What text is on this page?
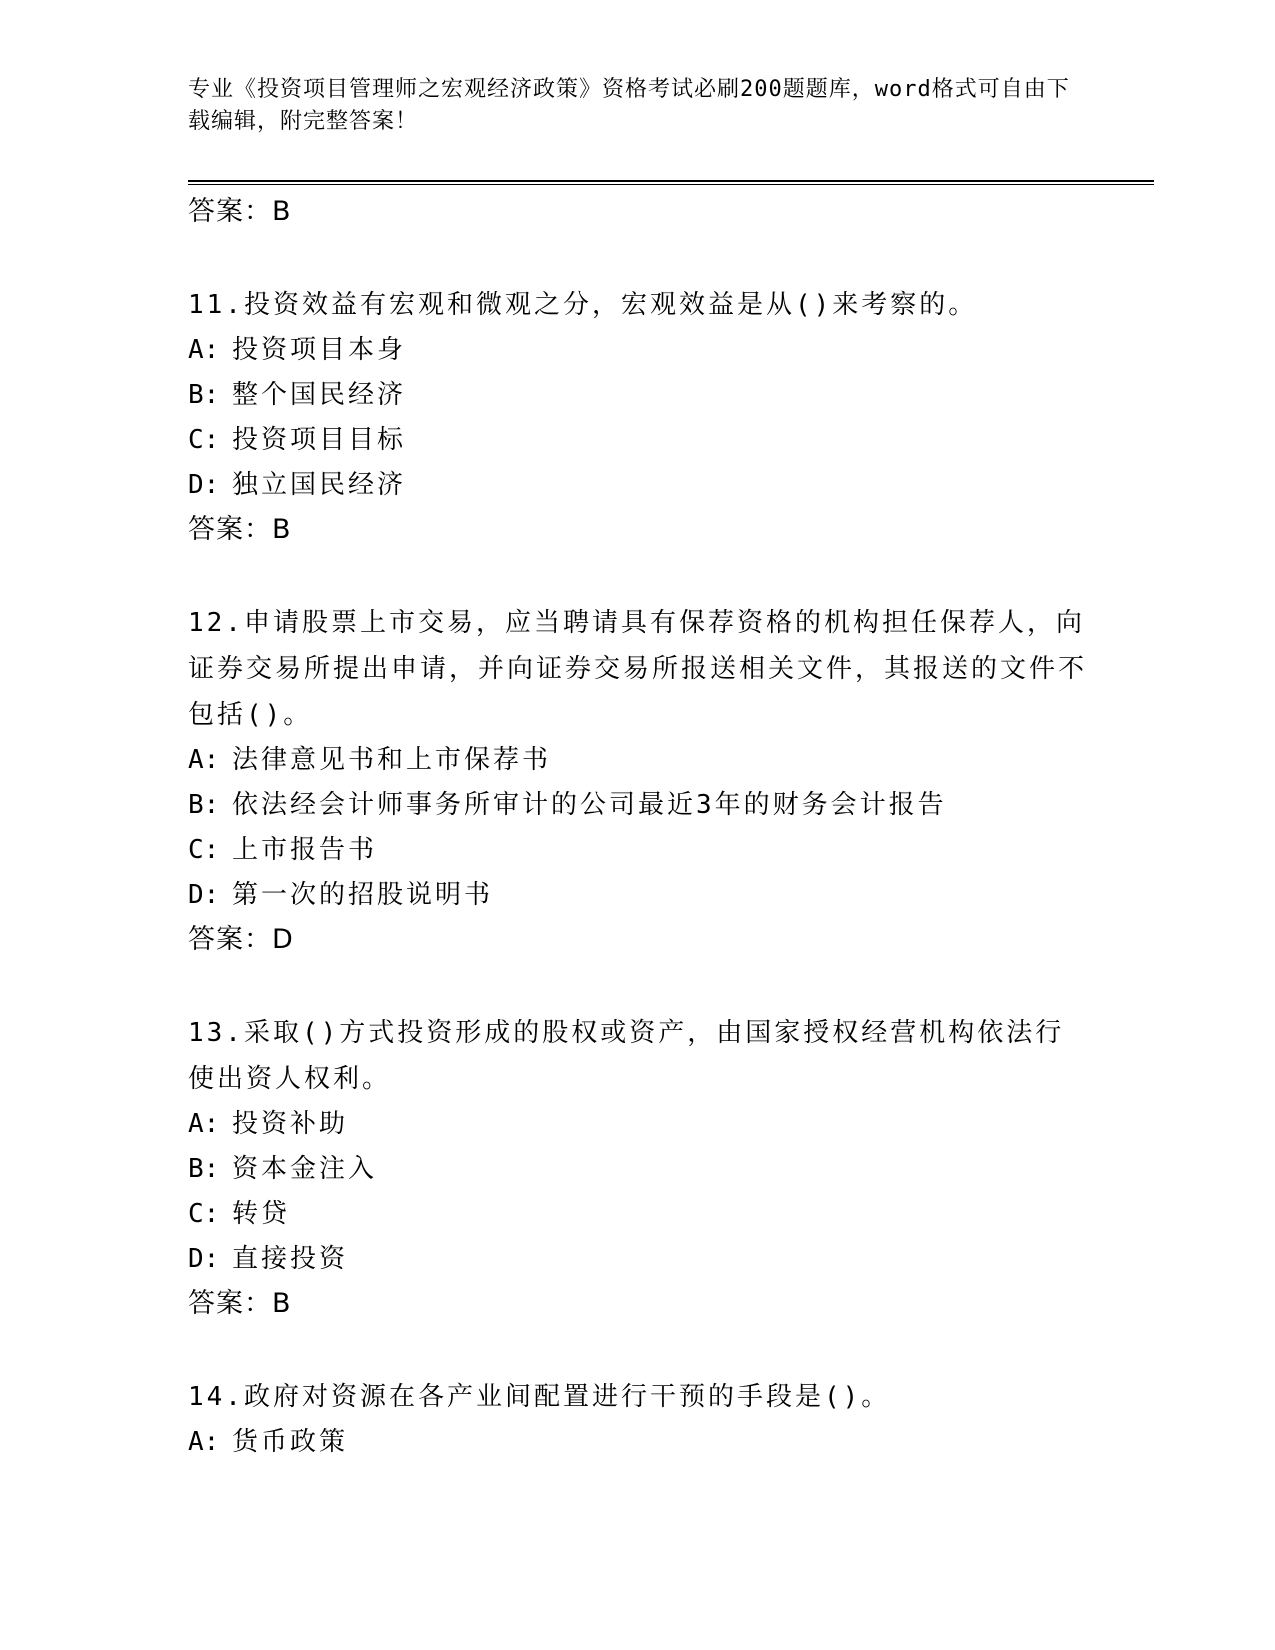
专业《投资项目管理师之宏观经济政策》资格考试必刷200题题库，word格式可自由下载编辑，附完整答案！
答案：B
11.投资效益有宏观和微观之分，宏观效益是从()来考察的。
A: 投资项目本身
B: 整个国民经济
C: 投资项目目标
D: 独立国民经济
答案：B
12.申请股票上市交易，应当聘请具有保荐资格的机构担任保荐人，向证券交易所提出申请，并向证券交易所报送相关文件，其报送的文件不包括()。
A: 法律意见书和上市保荐书
B: 依法经会计师事务所审计的公司最近3年的财务会计报告
C: 上市报告书
D: 第一次的招股说明书
答案：D
13.采取()方式投资形成的股权或资产，由国家授权经营机构依法行使出资人权利。
A: 投资补助
B: 资本金注入
C: 转贷
D: 直接投资
答案：B
14.政府对资源在各产业间配置进行干预的手段是()。
A: 货币政策
